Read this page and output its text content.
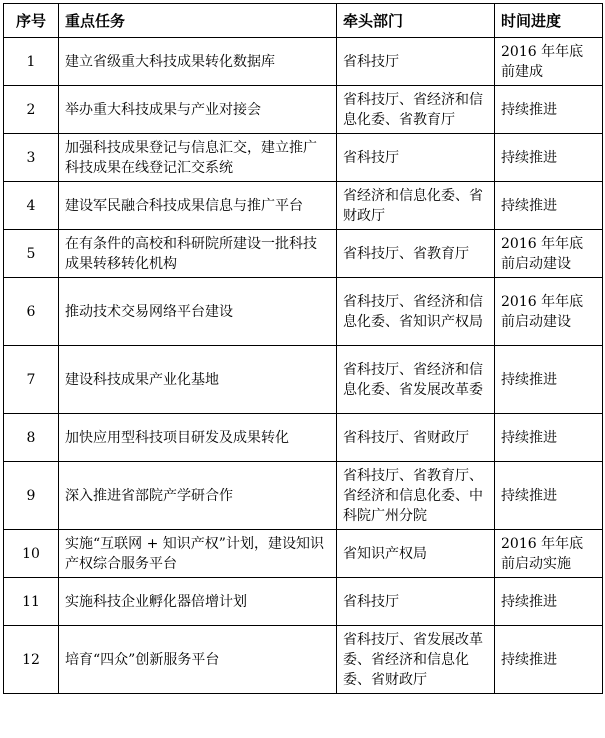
序号	重点任务	牵头部门	时间进度
1	建立省级重大科技成果转化数据库	省科技厅	2016 年年底前建成
2	举办重大科技成果与产业对接会	省科技厅、省经济和信息化委、省教育厅	持续推进
3	加强科技成果登记与信息汇交，建立推广科技成果在线登记汇交系统	省科技厅	持续推进
4	建设军民融合科技成果信息与推广平台	省经济和信息化委、省财政厅	持续推进
5	在有条件的高校和科研院所建设一批科技成果转移转化机构	省科技厅、省教育厅	2016 年年底前启动建设
6	推动技术交易网络平台建设	省科技厅、省经济和信息化委、省知识产权局	2016 年年底前启动建设
7	建设科技成果产业化基地	省科技厅、省经济和信息化委、省发展改革委	持续推进
8	加快应用型科技项目研发及成果转化	省科技厅、省财政厅	持续推进
9	深入推进省部院产学研合作	省科技厅、省教育厅、省经济和信息化委、中科院广州分院	持续推进
10	实施“互联网 + 知识产权”计划，建设知识产权综合服务平台	省知识产权局	2016 年年底前启动实施
11	实施科技企业孵化器倍增计划	省科技厅	持续推进
12	培育“四众”创新服务平台	省科技厅、省发展改革委、省经济和信息化委、省财政厅	持续推进
